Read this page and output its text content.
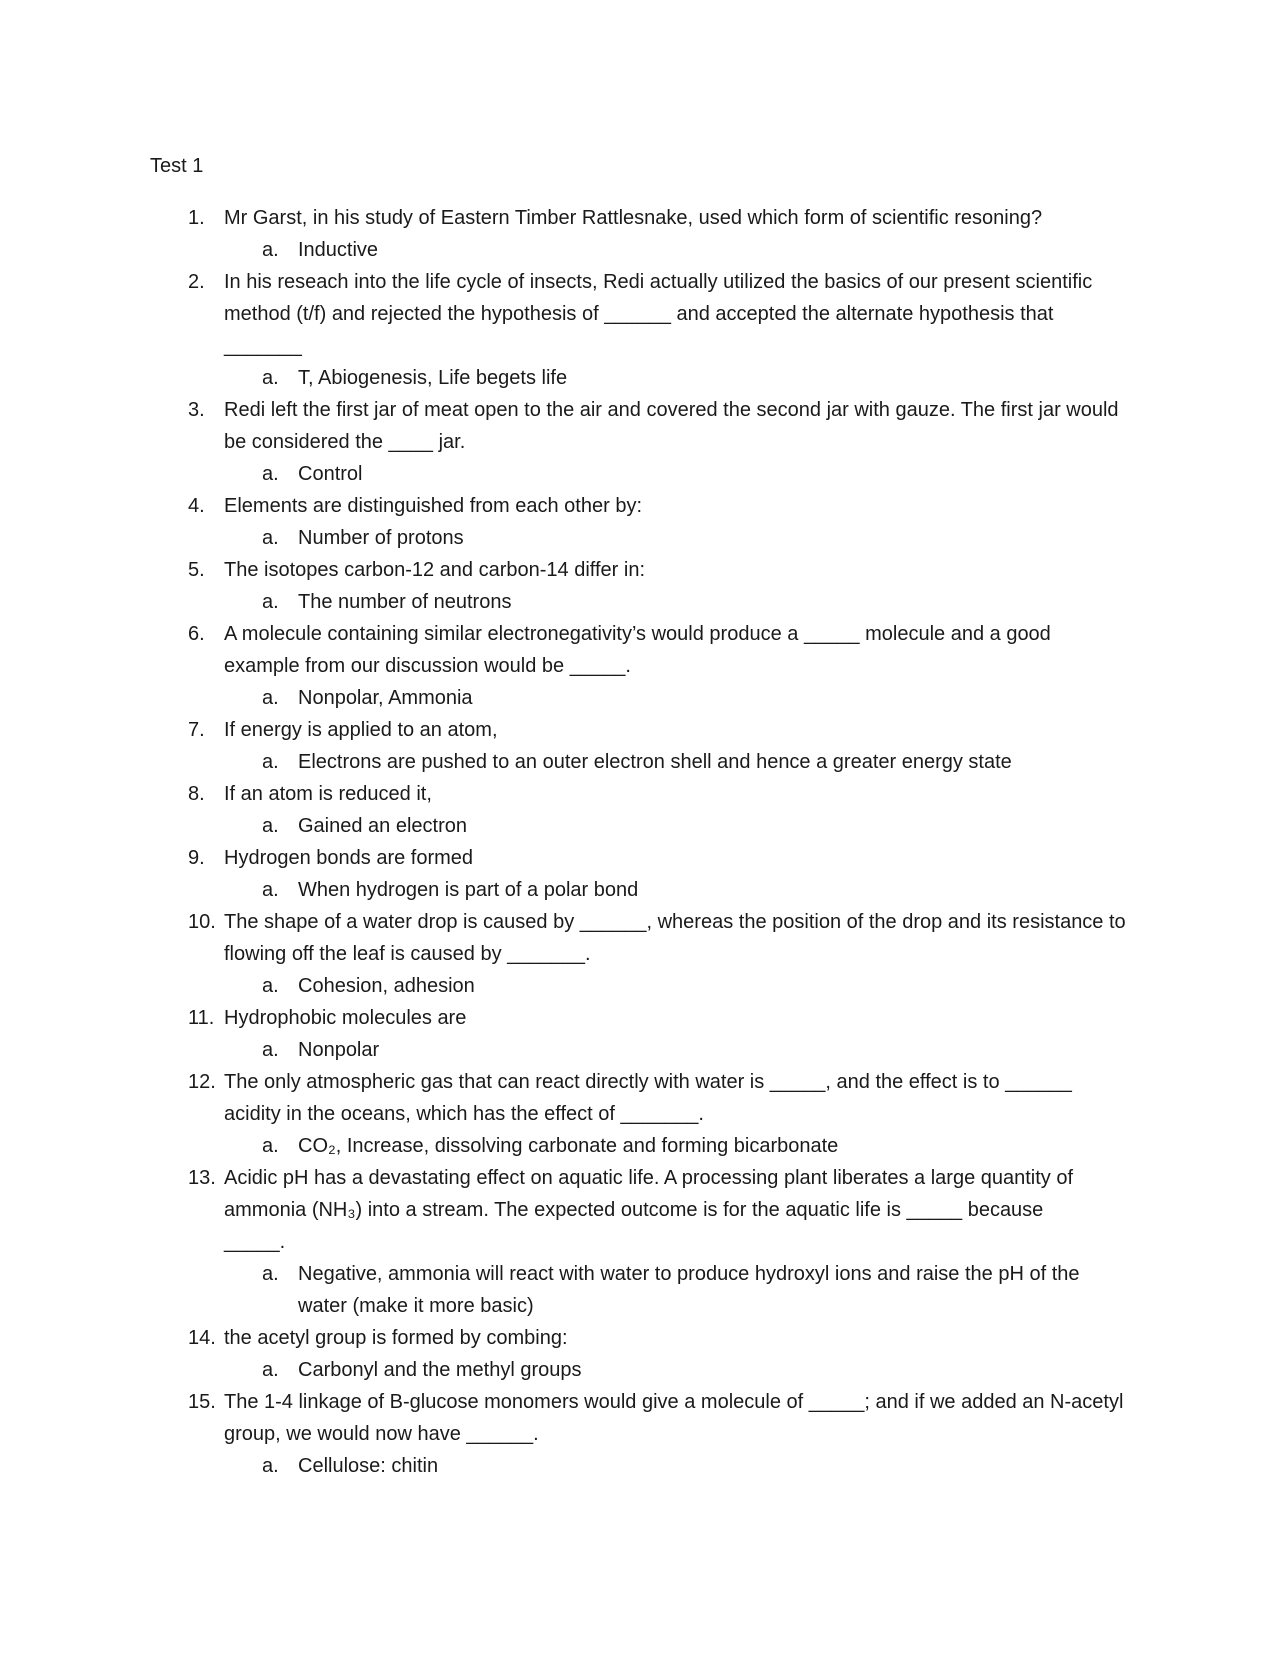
Test 1
1. Mr Garst, in his study of Eastern Timber Rattlesnake, used which form of scientific resoning?
a. Inductive
2. In his reseach into the life cycle of insects, Redi actually utilized the basics of our present scientific method (t/f) and rejected the hypothesis of ______ and accepted the alternate hypothesis that _______
a. T, Abiogenesis, Life begets life
3. Redi left the first jar of meat open to the air and covered the second jar with gauze. The first jar would be considered the ____ jar.
a. Control
4. Elements are distinguished from each other by:
a. Number of protons
5. The isotopes carbon-12 and carbon-14 differ in:
a. The number of neutrons
6. A molecule containing similar electronegativity’s would produce a _____ molecule and a good example from our discussion would be _____.
a. Nonpolar, Ammonia
7. If energy is applied to an atom,
a. Electrons are pushed to an outer electron shell and hence a greater energy state
8. If an atom is reduced it,
a. Gained an electron
9. Hydrogen bonds are formed
a. When hydrogen is part of a polar bond
10. The shape of a water drop is caused by ______, whereas the position of the drop and its resistance to flowing off the leaf is caused by _______.
a. Cohesion, adhesion
11. Hydrophobic molecules are
a. Nonpolar
12. The only atmospheric gas that can react directly with water is _____, and the effect is to ______ acidity in the oceans, which has the effect of _______.
a. CO₂, Increase, dissolving carbonate and forming bicarbonate
13. Acidic pH has a devastating effect on aquatic life. A processing plant liberates a large quantity of ammonia (NH₃) into a stream. The expected outcome is for the aquatic life is _____ because
_____.
a. Negative, ammonia will react with water to produce hydroxyl ions and raise the pH of the water (make it more basic)
14. the acetyl group is formed by combing:
a. Carbonyl and the methyl groups
15. The 1-4 linkage of B-glucose monomers would give a molecule of _____; and if we added an N-acetyl group, we would now have ______.
a. Cellulose: chitin
